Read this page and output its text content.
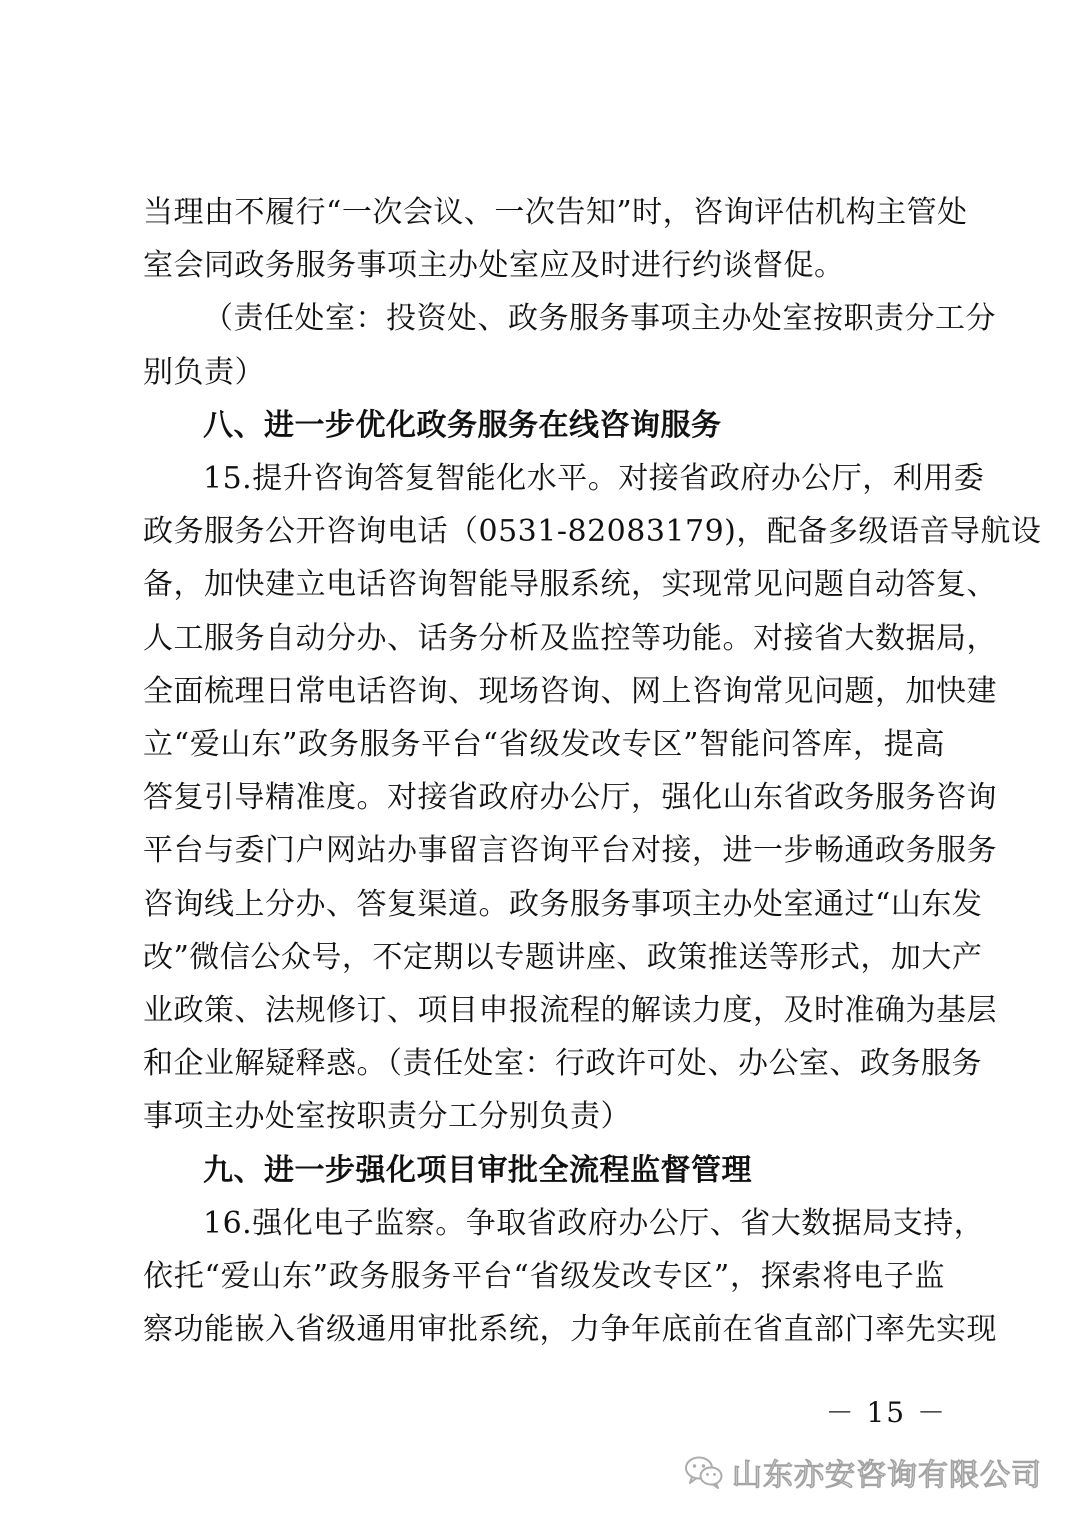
当理由不履行“一次会议、一次告知”时，咨询评估机构主管处

室会同政务服务事项主办处室应及时进行约谈督促。

（责任处室：投资处、政务服务事项主办处室按职责分工分

别负责）

八、进一步优化政务服务在线咨询服务

15.提升咨询答复智能化水平。对接省政府办公厅，利用委

政务服务公开咨询电话（0531-82083179)，配备多级语音导航设

备，加快建立电话咨询智能导服系统，实现常见问题自动答复、

人工服务自动分办、话务分析及监控等功能。对接省大数据局，

全面梳理日常电话咨询、现场咨询、网上咨询常见问题，加快建

立“爱山东”政务服务平台“省级发改专区”智能问答库，提高

答复引导精准度。对接省政府办公厅，强化山东省政务服务咨询

平台与委门户网站办事留言咨询平台对接，进一步畅通政务服务

咨询线上分办、答复渠道。政务服务事项主办处室通过“山东发

改”微信公众号，不定期以专题讲座、政策推送等形式，加大产

业政策、法规修订、项目申报流程的解读力度，及时准确为基层

和企业解疑释惑。（责任处室：行政许可处、办公室、政务服务

事项主办处室按职责分工分别负责）

九、进一步强化项目审批全流程监督管理

16.强化电子监察。争取省政府办公厅、省大数据局支持，

依托“爱山东”政务服务平台“省级发改专区”，探索将电子监

察功能嵌入省级通用审批系统，力争年底前在省直部门率先实现

－ 15 －
山东亦安咨询有限公司
